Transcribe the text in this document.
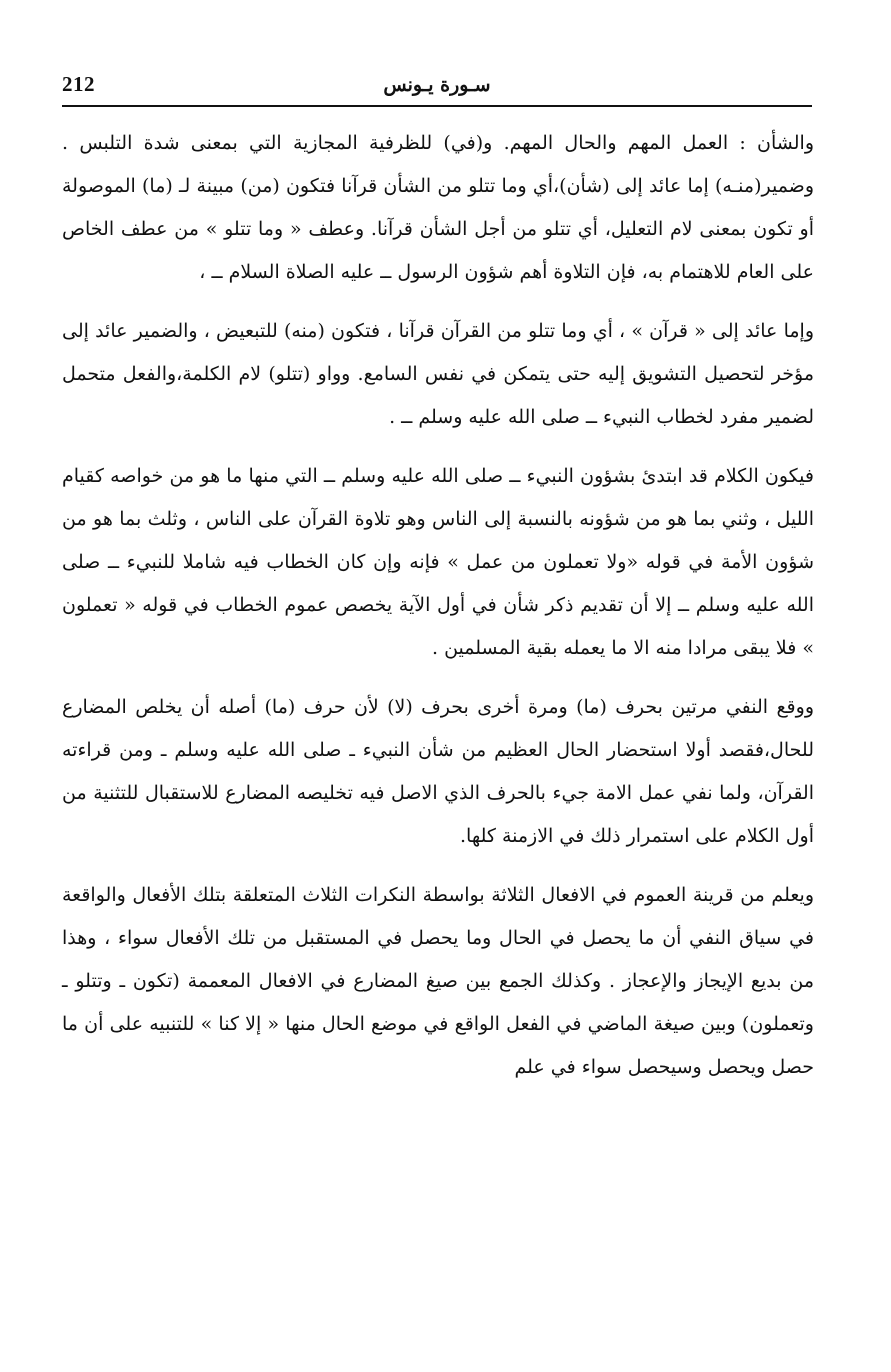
212	سـورة يـونس

والشأن : العمل المهم والحال المهم. و(في) للظرفية المجازية التي بمعنى شدة التلبس . وضمير(منـه) إما عائد إلى (شأن)،أي وما تتلو من الشأن قرآنا فتكون (من) مبينة لـ (ما) الموصولة أو تكون بمعنى لام التعليل، أي تتلو من أجل الشأن قرآنا. وعطف « وما تتلو » من عطف الخاص على العام للاهتمام به، فإن التلاوة أهم شؤون الرسول ــ عليه الصلاة السلام ــ ،

وإما عائد إلى « قرآن » ، أي وما تتلو من القرآن قرآنا ، فتكون (منه) للتبعيض ، والضمير عائد إلى مؤخر لتحصيل التشويق إليه حتى يتمكن في نفس السامع. وواو (تتلو) لام الكلمة،والفعل متحمل لضمير مفرد لخطاب النبيء ــ صلى الله عليه وسلم ــ .

فيكون الكلام قد ابتدئ بشؤون النبيء ــ صلى الله عليه وسلم ــ التي منها ما هو من خواصه كقيام الليل ، وثني بما هو من شؤونه بالنسبة إلى الناس وهو تلاوة القرآن على الناس ، وثلث بما هو من شؤون الأمة في قوله «ولا تعملون من عمل » فإنه وإن كان الخطاب فيه شاملا للنبيء ــ صلى الله عليه وسلم ــ إلا أن تقديم ذكر شأن في أول الآية يخصص عموم الخطاب في قوله « تعملون » فلا يبقى مرادا منه الا ما يعمله بقية المسلمين .

ووقع النفي مرتين بحرف (ما) ومرة أخرى بحرف (لا) لأن حرف (ما) أصله أن يخلص المضارع للحال،فقصد أولا استحضار الحال العظيم من شأن النبيء ـ صلى الله عليه وسلم ـ ومن قراءته القرآن، ولما نفي عمل الامة جيء بالحرف الذي الاصل فيه تخليصه المضارع للاستقبال للتثنية من أول الكلام على استمرار ذلك في الازمنة كلها.

ويعلم من قرينة العموم في الافعال الثلاثة بواسطة النكرات الثلاث المتعلقة بتلك الأفعال والواقعة في سياق النفي أن ما يحصل في الحال وما يحصل في المستقبل من تلك الأفعال سواء ، وهذا من بديع الإيجاز والإعجاز . وكذلك الجمع بين صيغ المضارع في الافعال المعممة (تكون ـ وتتلو ـ وتعملون) وبين صيغة الماضي في الفعل الواقع في موضع الحال منها « إلا كنا » للتنبيه على أن ما حصل ويحصل وسيحصل سواء في علم
